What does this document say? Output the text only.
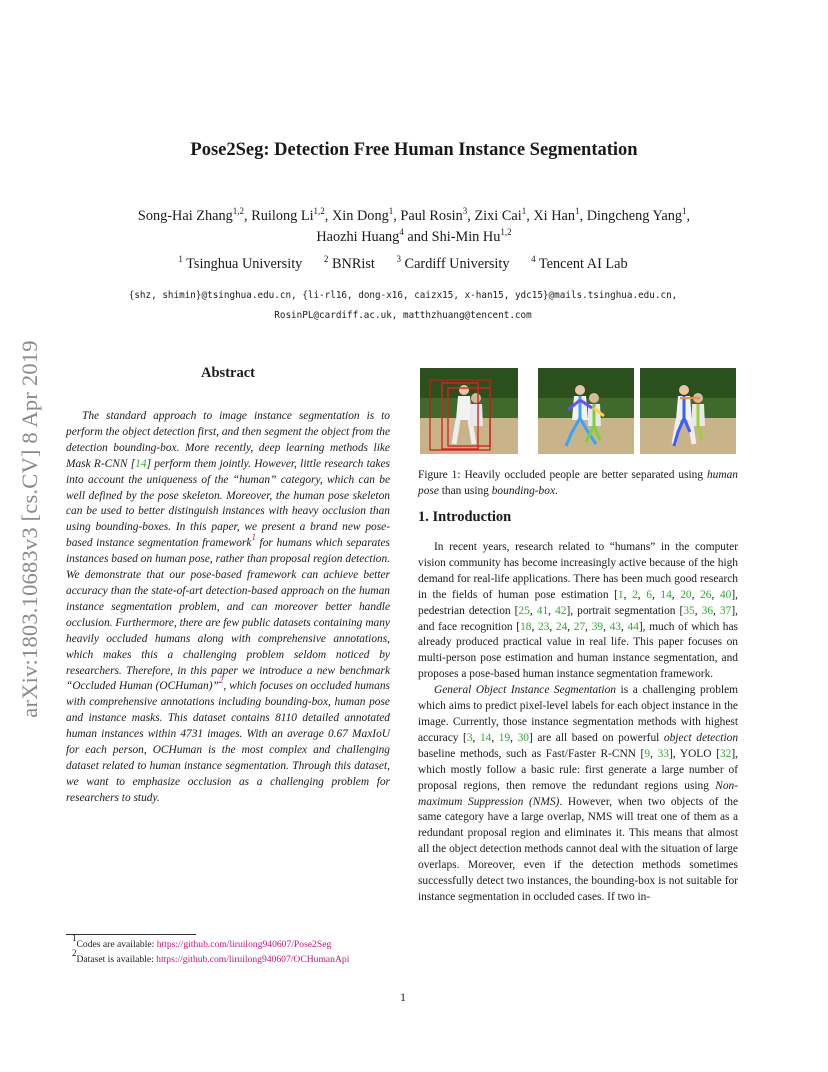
arXiv:1803.10683v3 [cs.CV] 8 Apr 2019
Pose2Seg: Detection Free Human Instance Segmentation
Song-Hai Zhang$^{1,2}$, Ruilong Li$^{1,2}$, Xin Dong$^1$, Paul Rosin$^3$, Zixi Cai$^1$, Xi Han$^1$, Dingcheng Yang$^1$,
Haozhi Huang$^4$ and Shi-Min Hu$^{1,2}$
$^1$ Tsinghua University $^2$ BNRist $^3$ Cardiff University $^4$ Tencent AI Lab
{shz, shimin}@tsinghua.edu.cn, {li-rl16, dong-x16, caizx15, x-han15, ydc15}@mails.tsinghua.edu.cn,
RosinPL@cardiff.ac.uk, matthzhuang@tencent.com
Abstract
The standard approach to image instance segmentation is to perform the object detection first, and then segment the object from the detection bounding-box. More recently, deep learning methods like Mask R-CNN [14] perform them jointly. However, little research takes into account the uniqueness of the “human” category, which can be well defined by the pose skeleton. Moreover, the human pose skeleton can be used to better distinguish instances with heavy occlusion than using bounding-boxes. In this paper, we present a brand new pose-based instance segmentation framework$^1$ for humans which separates instances based on human pose, rather than proposal region detection. We demonstrate that our pose-based framework can achieve better accuracy than the state-of-art detection-based approach on the human instance segmentation problem, and can moreover better handle occlusion. Furthermore, there are few public datasets containing many heavily occluded humans along with comprehensive annotations, which makes this a challenging problem seldom noticed by researchers. Therefore, in this paper we introduce a new benchmark “Occluded Human (OCHuman)”$^2$, which focuses on occluded humans with comprehensive annotations including bounding-box, human pose and instance masks. This dataset contains 8110 detailed annotated human instances within 4731 images. With an average 0.67 MaxIoU for each person, OCHuman is the most complex and challenging dataset related to human instance segmentation. Through this dataset, we want to emphasize occlusion as a challenging problem for researchers to study.
$^1$Codes are available: https://github.com/liruilong940607/Pose2Seg
$^2$Dataset is available: https://github.com/liruilong940607/OCHumanApi
Figure 1: Heavily occluded people are better separated using human pose than using bounding-box.
1. Introduction

In recent years, research related to “humans” in the computer vision community has become increasingly active because of the high demand for real-life applications. There has been much good research in the fields of human pose estimation [1, 2, 6, 14, 20, 26, 40], pedestrian detection [25, 41, 42], portrait segmentation [35, 36, 37], and face recognition [18, 23, 24, 27, 39, 43, 44], much of which has already produced practical value in real life. This paper focuses on multi-person pose estimation and human instance segmentation, and proposes a pose-based human instance segmentation framework.

General Object Instance Segmentation is a challenging problem which aims to predict pixel-level labels for each object instance in the image. Currently, those instance segmentation methods with highest accuracy [3, 14, 19, 30] are all based on powerful object detection baseline methods, such as Fast/Faster R-CNN [9, 33], YOLO [32], which mostly follow a basic rule: first generate a large number of proposal regions, then remove the redundant regions using Non-maximum Suppression (NMS). However, when two objects of the same category have a large overlap, NMS will treat one of them as a redundant proposal region and eliminates it. This means that almost all the object detection methods cannot deal with the situation of large overlaps. Moreover, even if the detection methods sometimes successfully detect two instances, the bounding-box is not suitable for instance segmentation in occluded cases. If two in-

1
